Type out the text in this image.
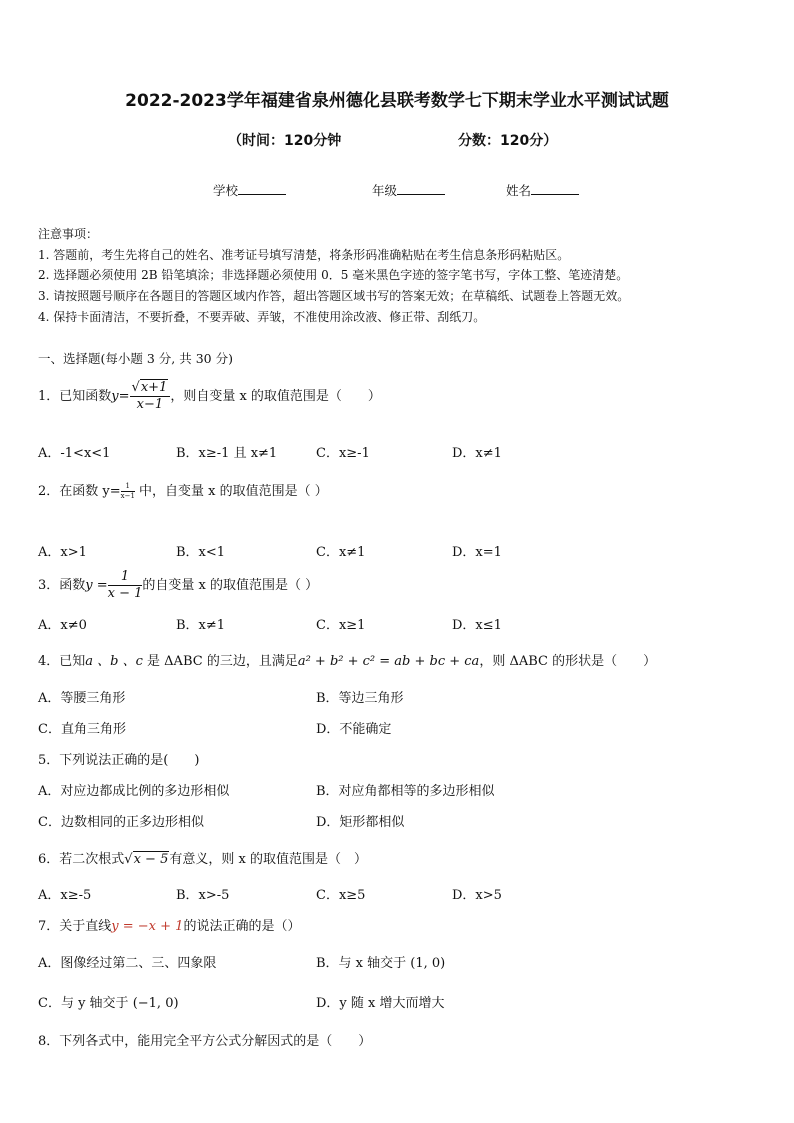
2022-2023学年福建省泉州德化县联考数学七下期末学业水平测试试题
（时间：120分钟	分数：120分）
学校	年级	姓名
注意事项：
1. 答题前，考生先将自己的姓名、准考证号填写清楚，将条形码准确粘贴在考生信息条形码粘贴区。
2. 选择题必须使用 2B 铅笔填涂；非选择题必须使用 0．5 毫米黑色字迹的签字笔书写，字体工整、笔迹清楚。
3. 请按照题号顺序在各题目的答题区域内作答，超出答题区域书写的答案无效；在草稿纸、试题卷上答题无效。
4. 保持卡面清洁，不要折叠，不要弄破、弄皱，不准使用涂改液、修正带、刮纸刀。
一、选择题(每小题 3 分, 共 30 分)
1．已知函数$y= \frac{√x+1}{x-1}$ ，则自变量 x 的取值范围是（　　）
A．-1<x<1	B．x≥-1 且 x≠1	C．x≥-1	D．x≠1
2．在函数 $y= \frac{1}{x-1}$ 中，自变量 x 的取值范围是（ ）
A．x>1	B．x<1	C．x≠1	D．x=1
3．函数$y = \frac{1}{x - 1}$ 的自变量 x 的取值范围是（ ）
A．x≠0	B．x≠1	C．x≥1	D．x≤1
4．已知a 、b 、c 是 ΔABC 的三边，且满足a² + b² + c² = ab + bc + ca，则 ΔABC 的形状是（　　）
A．等腰三角形	B．等边三角形
C．直角三角形	D．不能确定
5．下列说法正确的是(　　)
A．对应边都成比例的多边形相似	B．对应角都相等的多边形相似
C．边数相同的正多边形相似	D．矩形都相似
6．若二次根式√x − 5有意义，则 x 的取值范围是（　）
A．x≥-5	B．x>-5	C．x≥5	D．x>5
7．关于直线y = −x + 1的说法正确的是（）
A．图像经过第二、三、四象限	B．与 x 轴交于 (1, 0)
C．与 y 轴交于 (−1, 0)	D．y 随 x 增大而增大
8．下列各式中，能用完全平方公式分解因式的是（　　）
